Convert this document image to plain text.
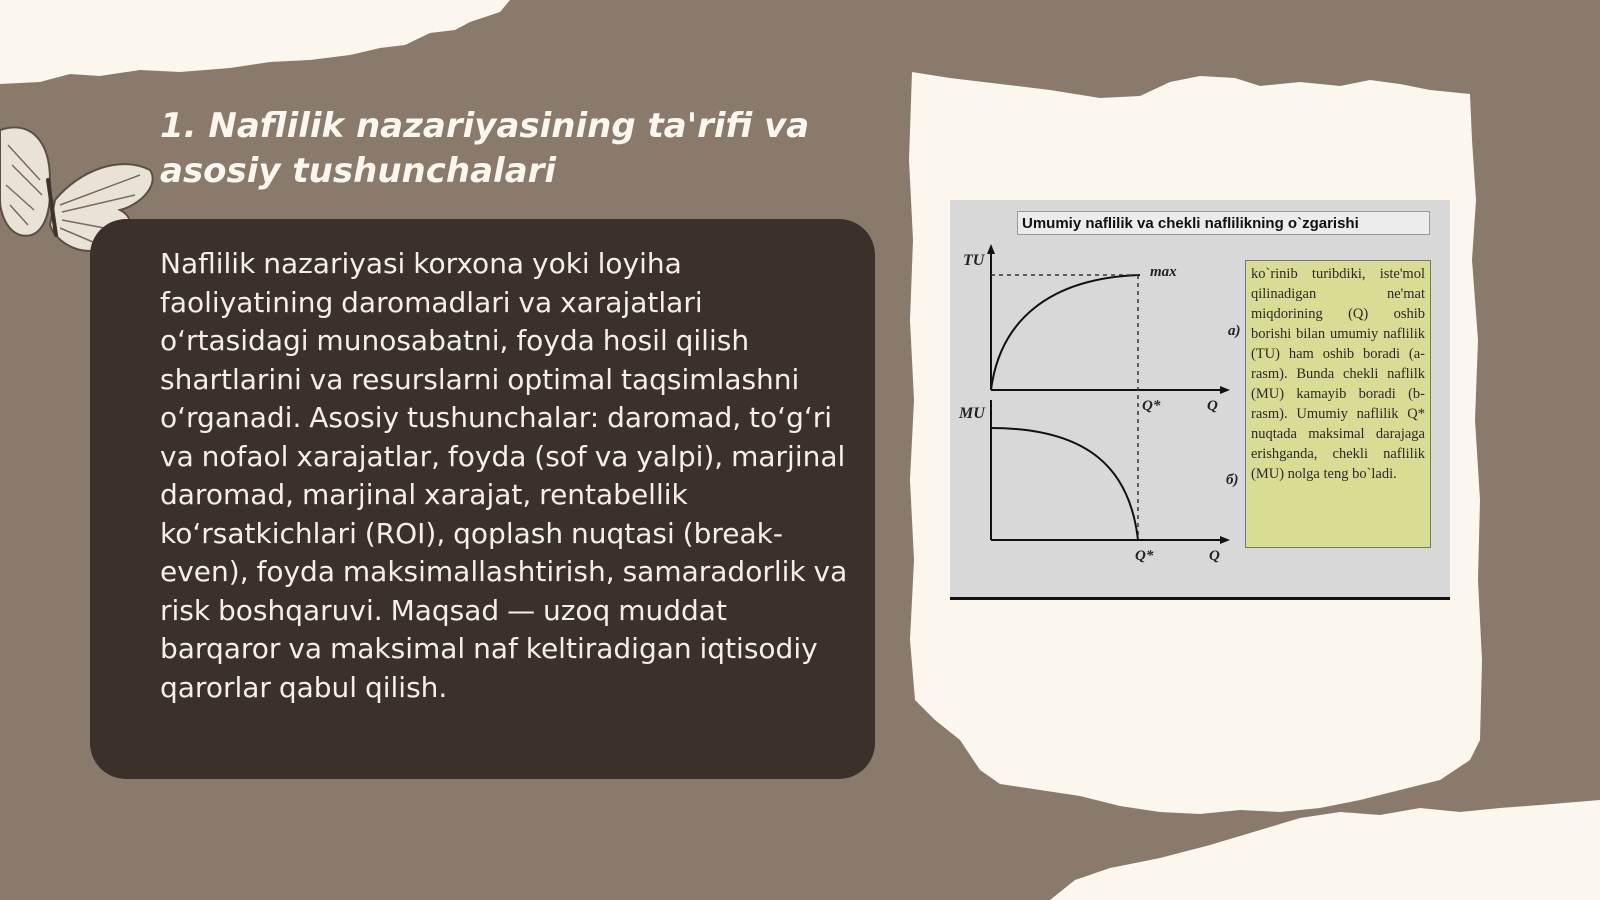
1. Naflilik nazariyasining ta'rifi va asosiy tushunchalari

Naflilik nazariyasi korxona yoki loyiha faoliyatining daromadlari va xarajatlari o‘rtasidagi munosabatni, foyda hosil qilish shartlarini va resurslarni optimal taqsimlashni o‘rganadi. Asosiy tushunchalar: daromad, to‘g‘ri va nofaol xarajatlar, foyda (sof va yalpi), marjinal daromad, marjinal xarajat, rentabellik ko‘rsatkichlari (ROI), qoplash nuqtasi (break-even), foyda maksimallashtirish, samaradorlik va risk boshqaruvi. Maqsad — uzoq muddat barqaror va maksimal naf keltiradigan iqtisodiy qarorlar qabul qilish.

Umumiy naflilik va chekli naflilikning o`zgarishi
TU
MU
max
Q*	Q
Q*	Q
a)
б)

ko`rinib turibdiki, iste'mol qilinadigan ne'mat miqdorining (Q) oshib borishi bilan umumiy naflilik (TU) ham oshib boradi (a-rasm). Bunda chekli naflilk (MU) kamayib boradi (b-rasm). Umumiy naflilik Q* nuqtada maksimal darajaga erishganda, chekli naflilik (MU) nolga teng bo`ladi.
